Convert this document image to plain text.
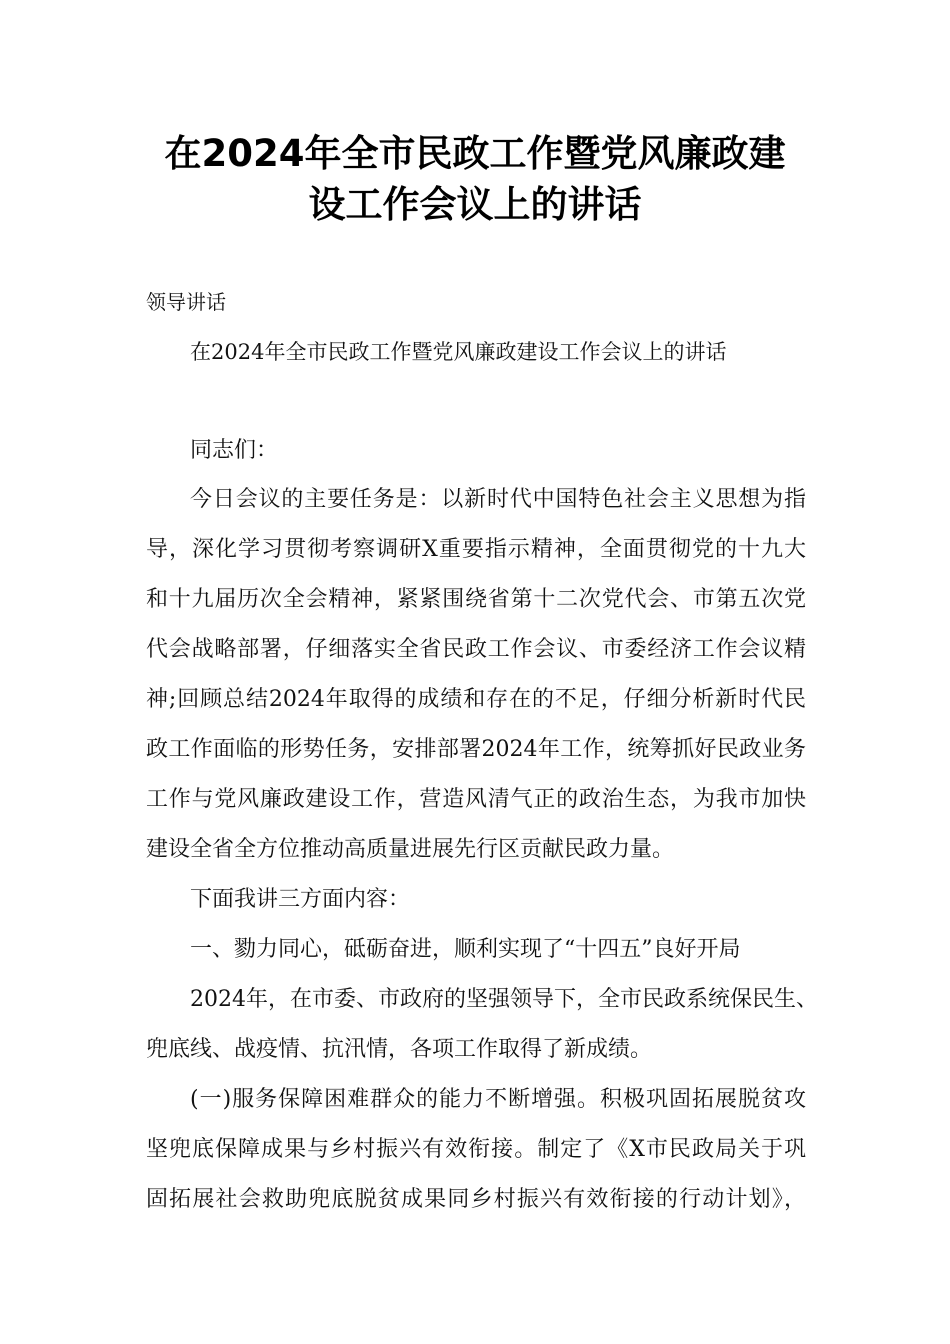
在2024年全市民政工作暨党风廉政建
设工作会议上的讲话
领导讲话
在2024年全市民政工作暨党风廉政建设工作会议上的讲话
同志们：
今日会议的主要任务是：以新时代中国特色社会主义思想为指
导，深化学习贯彻考察调研X重要指示精神，全面贯彻党的十九大
和十九届历次全会精神，紧紧围绕省第十二次党代会、市第五次党
代会战略部署，仔细落实全省民政工作会议、市委经济工作会议精
神;回顾总结2024年取得的成绩和存在的不足，仔细分析新时代民
政工作面临的形势任务，安排部署2024年工作，统筹抓好民政业务
工作与党风廉政建设工作，营造风清气正的政治生态，为我市加快
建设全省全方位推动高质量进展先行区贡献民政力量。
下面我讲三方面内容：
一、勠力同心，砥砺奋进，顺利实现了“十四五”良好开局
2024年，在市委、市政府的坚强领导下，全市民政系统保民生、
兜底线、战疫情、抗汛情，各项工作取得了新成绩。
(一)服务保障困难群众的能力不断增强。积极巩固拓展脱贫攻
坚兜底保障成果与乡村振兴有效衔接。制定了《X市民政局关于巩
固拓展社会救助兜底脱贫成果同乡村振兴有效衔接的行动计划》，
